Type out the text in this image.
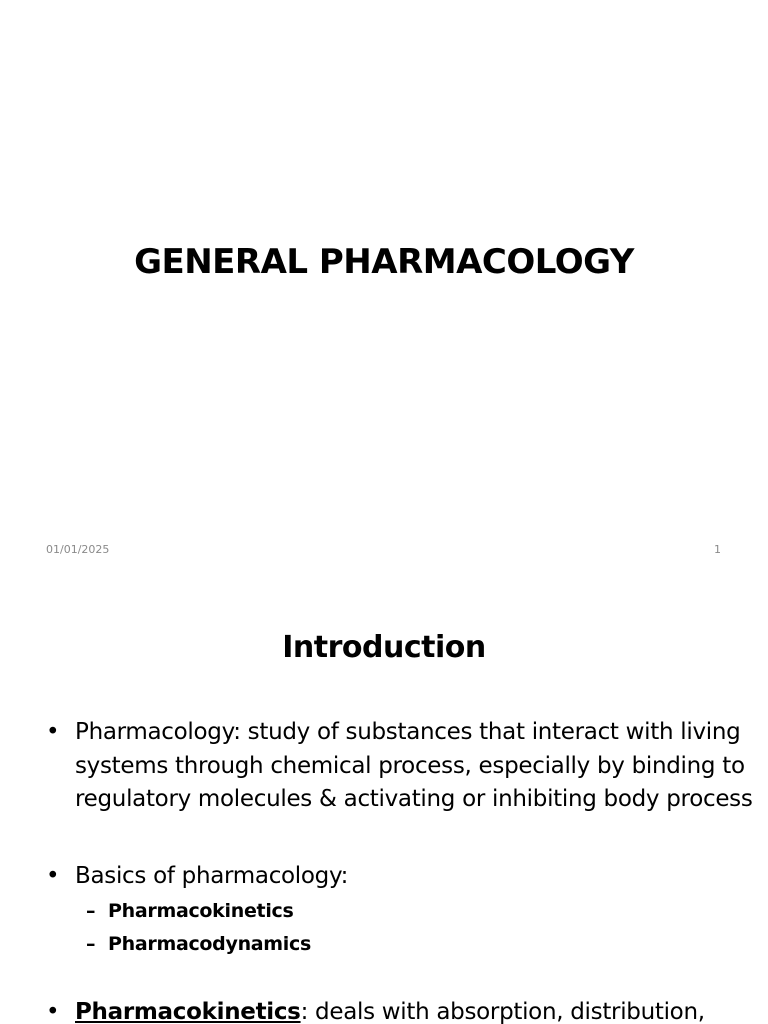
GENERAL PHARMACOLOGY
01/01/2025	1
Introduction
• Pharmacology: study of substances that interact with living systems through chemical process, especially by binding to regulatory molecules & activating or inhibiting body process
• Basics of pharmacology:
– Pharmacokinetics
– Pharmacodynamics
• Pharmacokinetics: deals with absorption, distribution,
